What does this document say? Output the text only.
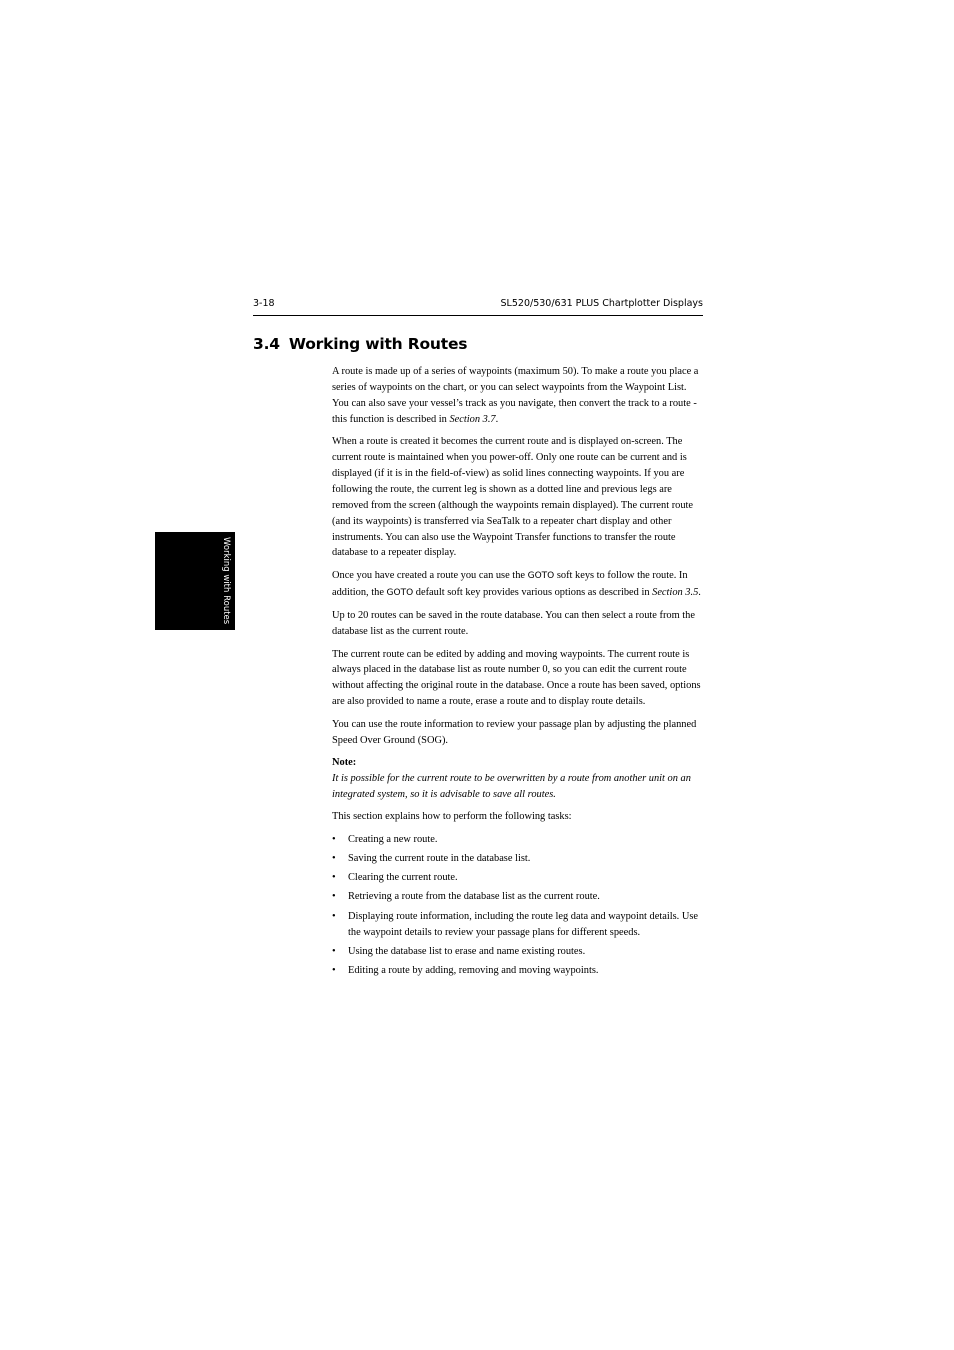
3-18	SL520/530/631 PLUS Chartplotter Displays
Working with Routes
3.4 Working with Routes

A route is made up of a series of waypoints (maximum 50). To make a route you place a series of waypoints on the chart, or you can select waypoints from the Waypoint List. You can also save your vessel’s track as you navigate, then convert the track to a route - this function is described in Section 3.7.

When a route is created it becomes the current route and is displayed on-screen. The current route is maintained when you power-off. Only one route can be current and is displayed (if it is in the field-of-view) as solid lines connecting waypoints. If you are following the route, the current leg is shown as a dotted line and previous legs are removed from the screen (although the waypoints remain displayed). The current route (and its waypoints) is transferred via SeaTalk to a repeater chart display and other instruments. You can also use the Waypoint Transfer functions to transfer the route database to a repeater display.

Once you have created a route you can use the GOTO soft keys to follow the route. In addition, the GOTO default soft key provides various options as described in Section 3.5.

Up to 20 routes can be saved in the route database. You can then select a route from the database list as the current route.

The current route can be edited by adding and moving waypoints. The current route is always placed in the database list as route number 0, so you can edit the current route without affecting the original route in the database. Once a route has been saved, options are also provided to name a route, erase a route and to display route details.

You can use the route information to review your passage plan by adjusting the planned Speed Over Ground (SOG).

Note:

It is possible for the current route to be overwritten by a route from another unit on an integrated system, so it is advisable to save all routes.

This section explains how to perform the following tasks:

• Creating a new route.
• Saving the current route in the database list.
• Clearing the current route.
• Retrieving a route from the database list as the current route.
• Displaying route information, including the route leg data and waypoint details. Use the waypoint details to review your passage plans for different speeds.
• Using the database list to erase and name existing routes.
• Editing a route by adding, removing and moving waypoints.
